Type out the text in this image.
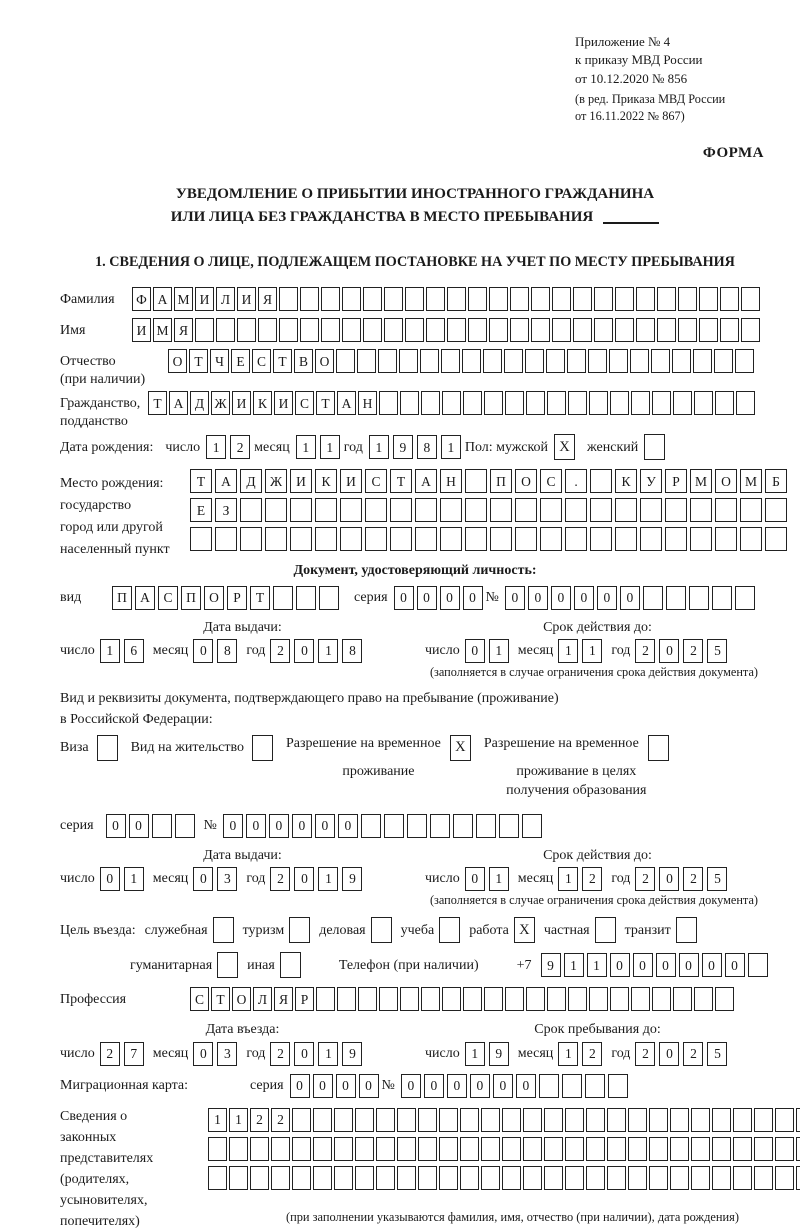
Приложение № 4
к приказу МВД России
от 10.12.2020 № 856
(в ред. Приказа МВД России
от 16.11.2022 № 867)
ФОРМА
УВЕДОМЛЕНИЕ О ПРИБЫТИИ ИНОСТРАННОГО ГРАЖДАНИНА
ИЛИ ЛИЦА БЕЗ ГРАЖДАНСТВА В МЕСТО ПРЕБЫВАНИЯ
1. СВЕДЕНИЯ О ЛИЦЕ, ПОДЛЕЖАЩЕМ ПОСТАНОВКЕ НА УЧЕТ ПО МЕСТУ ПРЕБЫВАНИЯ
Фамилия	Ф А М И Л И Я
Имя	И М Я
Отчество
(при наличии)
О Т Ч Е С Т В О
Гражданство,
подданство
Т А Д Ж И К И С Т А Н
Дата рождения: число 1	2 месяц 1	1 год 1	9	8	1 Пол: мужской X	женский
Место рождения:
государство
город или другой
населенный пункт
Т	А	Д	Ж	И	К	И	С	Т	А	Н	П	О	С	.	К	У	Р	М	О	М	Б

Е	З

Документ, удостоверяющий личность:
вид	П А	С	П О	Р	Т	серия 0	0	0	0 № 0	0	0	0	0	0
Дата выдачи:
число 1	6	месяц 0	8	год 2	0	1	8
Срок действия до:
число 0	1	месяц 1	1	год 2	0	2	5
(заполняется в случае ограничения срока действия документа)
Вид и реквизиты документа, подтверждающего право на пребывание (проживание)
в Российской Федерации:
Виза	Вид на жительство	Разрешение на временное X
проживание
Разрешение на временное
проживание в целях
получения образования
серия	0	0	№ 0	0	0	0	0	0
Дата выдачи:
число 0	1	месяц 0	3	год 2	0	1	9
Срок действия до:
число 0	1	месяц 1	2	год 2	0	2	5
(заполняется в случае ограничения срока действия документа)
Цель въезда: служебная	туризм	деловая	учеба	работа X	частная	транзит
гуманитарная	иная	Телефон (при наличии)	+7	9	1	1	0	0	0	0	0	0
Профессия	С Т О Л Я Р
Дата въезда:
число 2	7	месяц 0	3	год 2	0	1	9
Срок пребывания до:
число 1	9	месяц 1	2	год 2	0	2	5
Миграционная карта:	серия 0	0	0	0 № 0	0	0	0	0	0
Сведения о
законных
представителях
(родителях,
усыновителях,
попечителях)
1	1	2	2

(при заполнении указываются фамилия, имя, отчество (при наличии), дата рождения)
